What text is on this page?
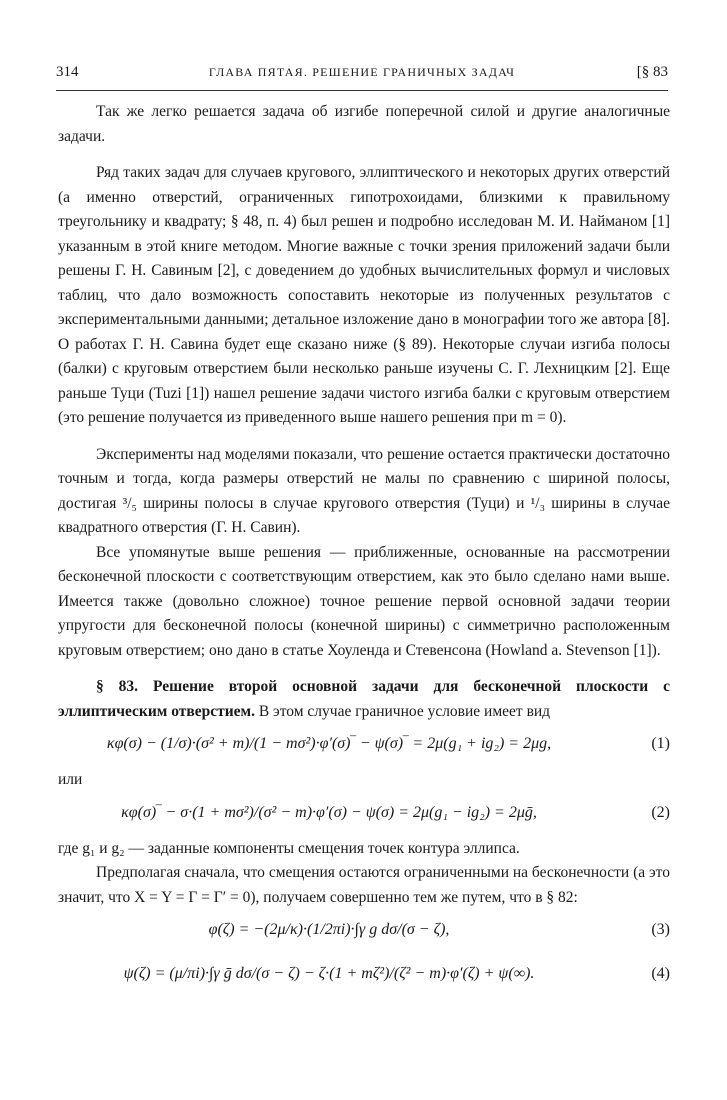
314	ГЛАВА ПЯТАЯ. РЕШЕНИЕ ГРАНИЧНЫХ ЗАДАЧ	[§ 83

Так же легко решается задача об изгибе поперечной силой и другие аналогичные задачи.

Ряд таких задач для случаев кругового, эллиптического и некоторых других отверстий (а именно отверстий, ограниченных гипотрохоидами, близкими к правильному треугольнику и квадрату; § 48, п. 4) был решен и подробно исследован М. И. Найманом [1] указанным в этой книге методом. Многие важные с точки зрения приложений задачи были решены Г. Н. Савиным [2], с доведением до удобных вычислительных формул и числовых таблиц, что дало возможность сопоставить некоторые из полученных результатов с экспериментальными данными; детальное изложение дано в монографии того же автора [8]. О работах Г. Н. Савина будет еще сказано ниже (§ 89). Некоторые случаи изгиба полосы (балки) с круговым отверстием были несколько раньше изучены С. Г. Лехницким [2]. Еще раньше Туци (Tuzi [1]) нашел решение задачи чистого изгиба балки с круговым отверстием (это решение получается из приведенного выше нашего решения при m = 0).

Эксперименты над моделями показали, что решение остается практически достаточно точным и тогда, когда размеры отверстий не малы по сравнению с шириной полосы, достигая ³/₅ ширины полосы в случае кругового отверстия (Туци) и ¹/₃ ширины в случае квадратного отверстия (Г. Н. Савин).

Все упомянутые выше решения — приближенные, основанные на рассмотрении бесконечной плоскости с соответствующим отверстием, как это было сделано нами выше. Имеется также (довольно сложное) точное решение первой основной задачи теории упругости для бесконечной полосы (конечной ширины) с симметрично расположенным круговым отверстием; оно дано в статье Хоуленда и Стевенсона (Howland a. Stevenson [1]).

§ 83. Решение второй основной задачи для бесконечной плоскости с эллиптическим отверстием. В этом случае граничное условие имеет вид

κφ(σ) − (1/σ)·(σ² + m)/(1 − mσ²)·φ′(σ)‾ − ψ(σ)‾ = 2μ(g₁ + ig₂) = 2μg,	(1)

или

κφ(σ)‾ − σ·(1 + mσ²)/(σ² − m)·φ′(σ) − ψ(σ) = 2μ(g₁ − ig₂) = 2μḡ,	(2)

где g₁ и g₂ — заданные компоненты смещения точек контура эллипса.

Предполагая сначала, что смещения остаются ограниченными на бесконечности (а это значит, что X = Y = Γ = Γ′ = 0), получаем совершенно тем же путем, что в § 82:

φ(ζ) = −(2μ/κ)·(1/2πi)·∫γ g dσ/(σ − ζ),	(3)
ψ(ζ) = (μ/πi)·∫γ ḡ dσ/(σ − ζ) − ζ·(1 + mζ²)/(ζ² − m)·φ′(ζ) + ψ(∞).	(4)
